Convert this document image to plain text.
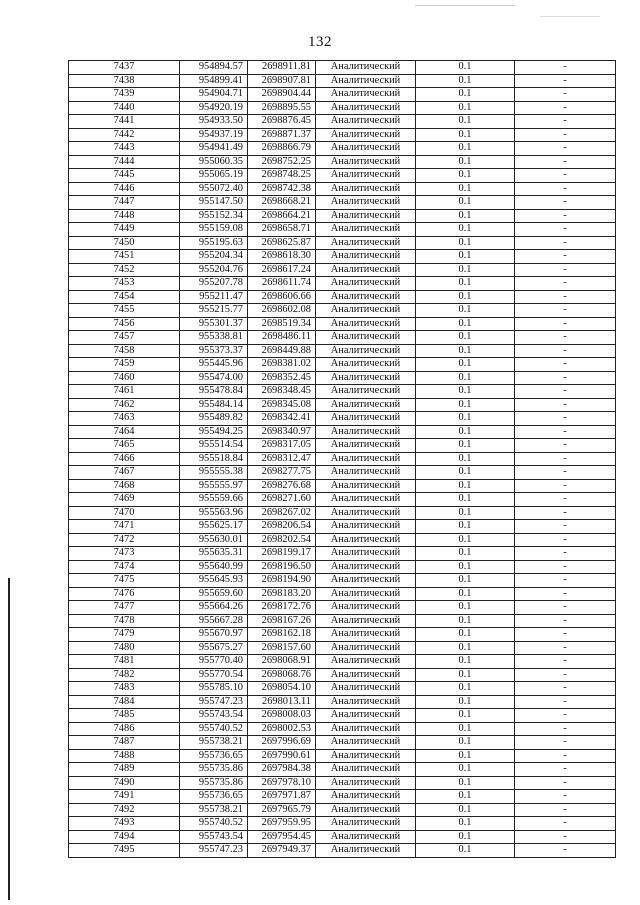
132
7437	954894.57	2698911.81	Аналитический	0.1	-
7438	954899.41	2698907.81	Аналитический	0.1	-
7439	954904.71	2698904.44	Аналитический	0.1	-
7440	954920.19	2698895.55	Аналитический	0.1	-
7441	954933.50	2698876.45	Аналитический	0.1	-
7442	954937.19	2698871.37	Аналитический	0.1	-
7443	954941.49	2698866.79	Аналитический	0.1	-
7444	955060.35	2698752.25	Аналитический	0.1	-
7445	955065.19	2698748.25	Аналитический	0.1	-
7446	955072.40	2698742.38	Аналитический	0.1	-
7447	955147.50	2698668.21	Аналитический	0.1	-
7448	955152.34	2698664.21	Аналитический	0.1	-
7449	955159.08	2698658.71	Аналитический	0.1	-
7450	955195.63	2698625.87	Аналитический	0.1	-
7451	955204.34	2698618.30	Аналитический	0.1	-
7452	955204.76	2698617.24	Аналитический	0.1	-
7453	955207.78	2698611.74	Аналитический	0.1	-
7454	955211.47	2698606.66	Аналитический	0.1	-
7455	955215.77	2698602.08	Аналитический	0.1	-
7456	955301.37	2698519.34	Аналитический	0.1	-
7457	955338.81	2698486.11	Аналитический	0.1	-
7458	955373.37	2698449.88	Аналитический	0.1	-
7459	955445.96	2698381.02	Аналитический	0.1	-
7460	955474.00	2698352.45	Аналитический	0.1	-
7461	955478.84	2698348.45	Аналитический	0.1	-
7462	955484.14	2698345.08	Аналитический	0.1	-
7463	955489.82	2698342.41	Аналитический	0.1	-
7464	955494.25	2698340.97	Аналитический	0.1	-
7465	955514.54	2698317.05	Аналитический	0.1	-
7466	955518.84	2698312.47	Аналитический	0.1	-
7467	955555.38	2698277.75	Аналитический	0.1	-
7468	955555.97	2698276.68	Аналитический	0.1	-
7469	955559.66	2698271.60	Аналитический	0.1	-
7470	955563.96	2698267.02	Аналитический	0.1	-
7471	955625.17	2698206.54	Аналитический	0.1	-
7472	955630.01	2698202.54	Аналитический	0.1	-
7473	955635.31	2698199.17	Аналитический	0.1	-
7474	955640.99	2698196.50	Аналитический	0.1	-
7475	955645.93	2698194.90	Аналитический	0.1	-
7476	955659.60	2698183.20	Аналитический	0.1	-
7477	955664.26	2698172.76	Аналитический	0.1	-
7478	955667.28	2698167.26	Аналитический	0.1	-
7479	955670.97	2698162.18	Аналитический	0.1	-
7480	955675.27	2698157.60	Аналитический	0.1	-
7481	955770.40	2698068.91	Аналитический	0.1	-
7482	955770.54	2698068.76	Аналитический	0.1	-
7483	955785.10	2698054.10	Аналитический	0.1	-
7484	955747.23	2698013.11	Аналитический	0.1	-
7485	955743.54	2698008.03	Аналитический	0.1	-
7486	955740.52	2698002.53	Аналитический	0.1	-
7487	955738.21	2697996.69	Аналитический	0.1	-
7488	955736.65	2697990.61	Аналитический	0.1	-
7489	955735.86	2697984.38	Аналитический	0.1	-
7490	955735.86	2697978.10	Аналитический	0.1	-
7491	955736.65	2697971.87	Аналитический	0.1	-
7492	955738.21	2697965.79	Аналитический	0.1	-
7493	955740.52	2697959.95	Аналитический	0.1	-
7494	955743.54	2697954.45	Аналитический	0.1	-
7495	955747.23	2697949.37	Аналитический	0.1	-
